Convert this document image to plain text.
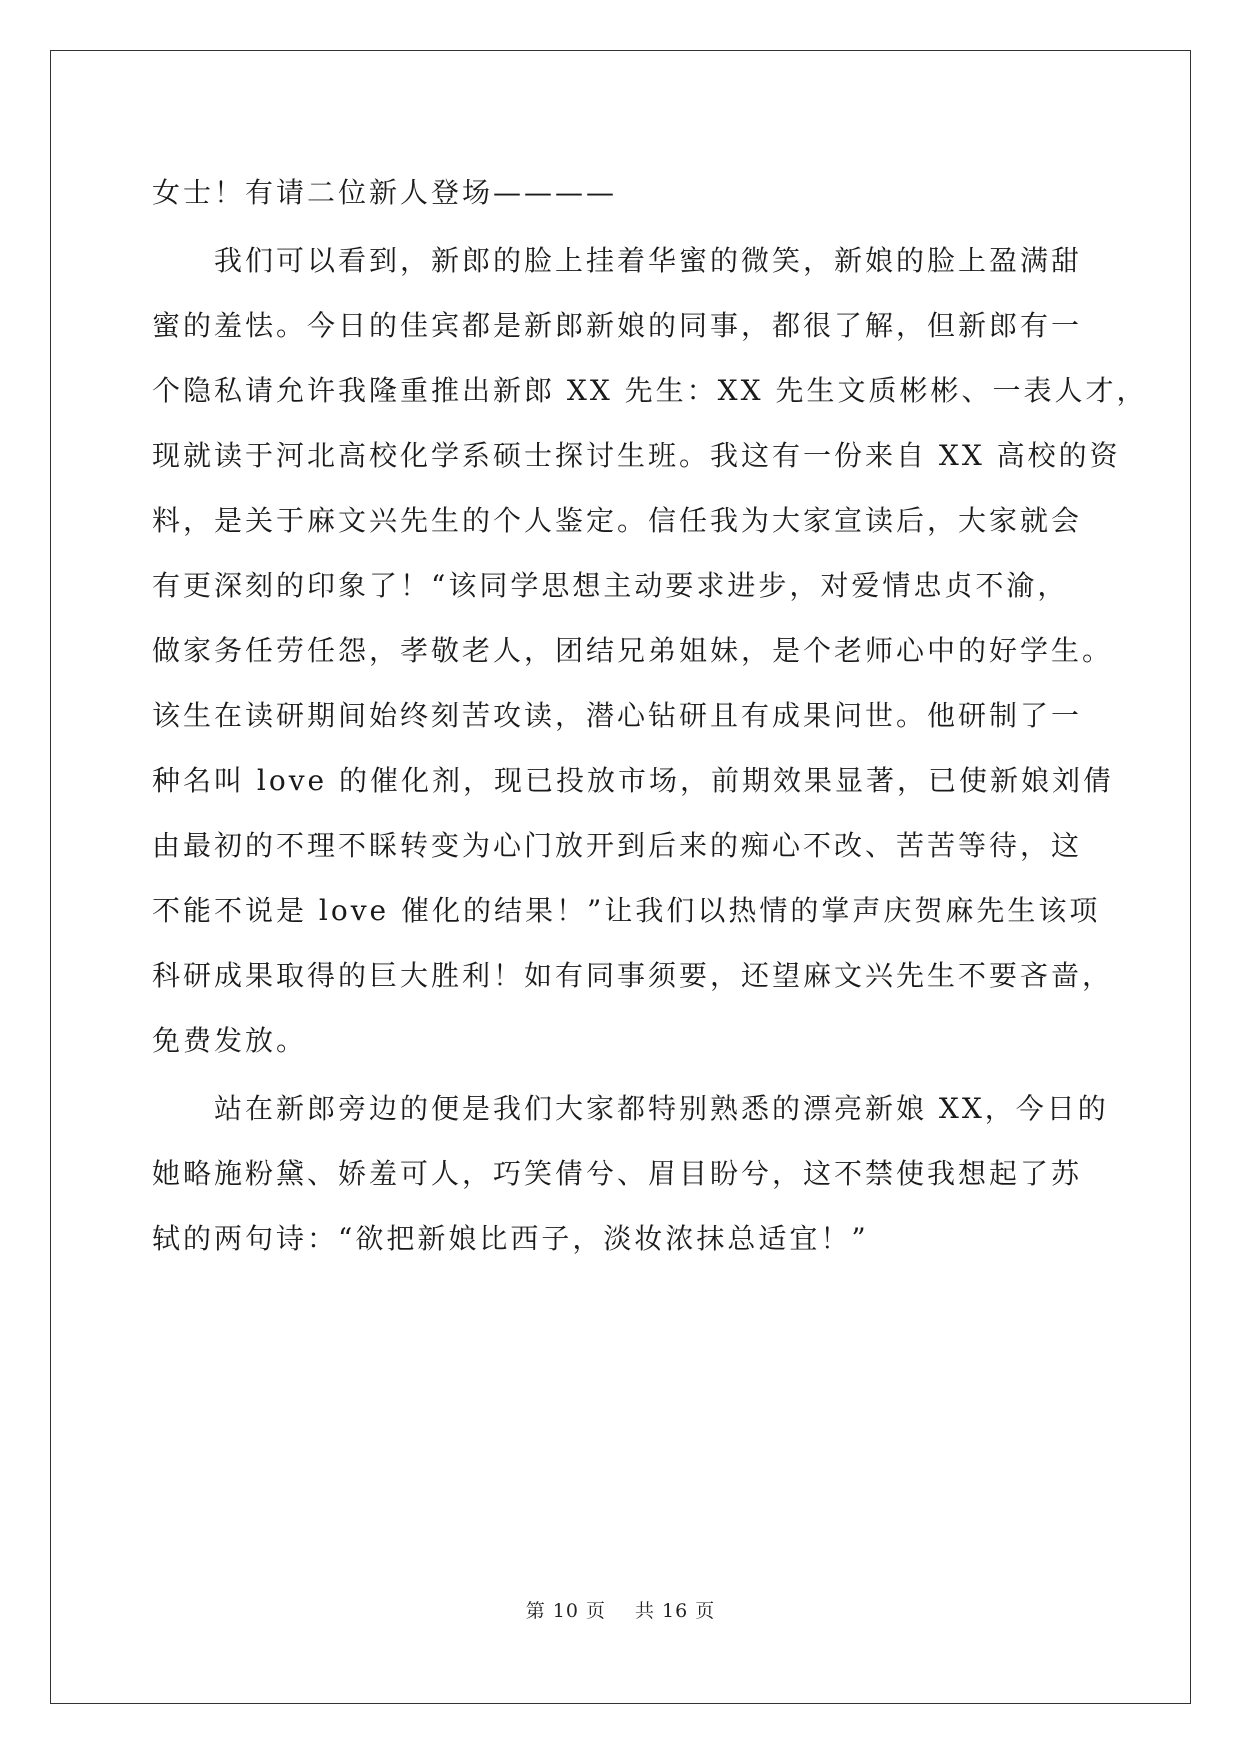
女士！有请二位新人登场————
我们可以看到，新郎的脸上挂着华蜜的微笑，新娘的脸上盈满甜
蜜的羞怯。今日的佳宾都是新郎新娘的同事，都很了解，但新郎有一
个隐私请允许我隆重推出新郎 XX 先生：XX 先生文质彬彬、一表人才，
现就读于河北高校化学系硕士探讨生班。我这有一份来自 XX 高校的资
料，是关于麻文兴先生的个人鉴定。信任我为大家宣读后，大家就会
有更深刻的印象了！“该同学思想主动要求进步，对爱情忠贞不渝，
做家务任劳任怨，孝敬老人，团结兄弟姐妹，是个老师心中的好学生。
该生在读研期间始终刻苦攻读，潜心钻研且有成果问世。他研制了一
种名叫 love 的催化剂，现已投放市场，前期效果显著，已使新娘刘倩
由最初的不理不睬转变为心门放开到后来的痴心不改、苦苦等待，这
不能不说是 love 催化的结果！”让我们以热情的掌声庆贺麻先生该项
科研成果取得的巨大胜利！如有同事须要，还望麻文兴先生不要吝啬，
免费发放。
站在新郎旁边的便是我们大家都特别熟悉的漂亮新娘 XX，今日的
她略施粉黛、娇羞可人，巧笑倩兮、眉目盼兮，这不禁使我想起了苏
轼的两句诗：“欲把新娘比西子，淡妆浓抹总适宜！”
第 10 页 共 16 页
